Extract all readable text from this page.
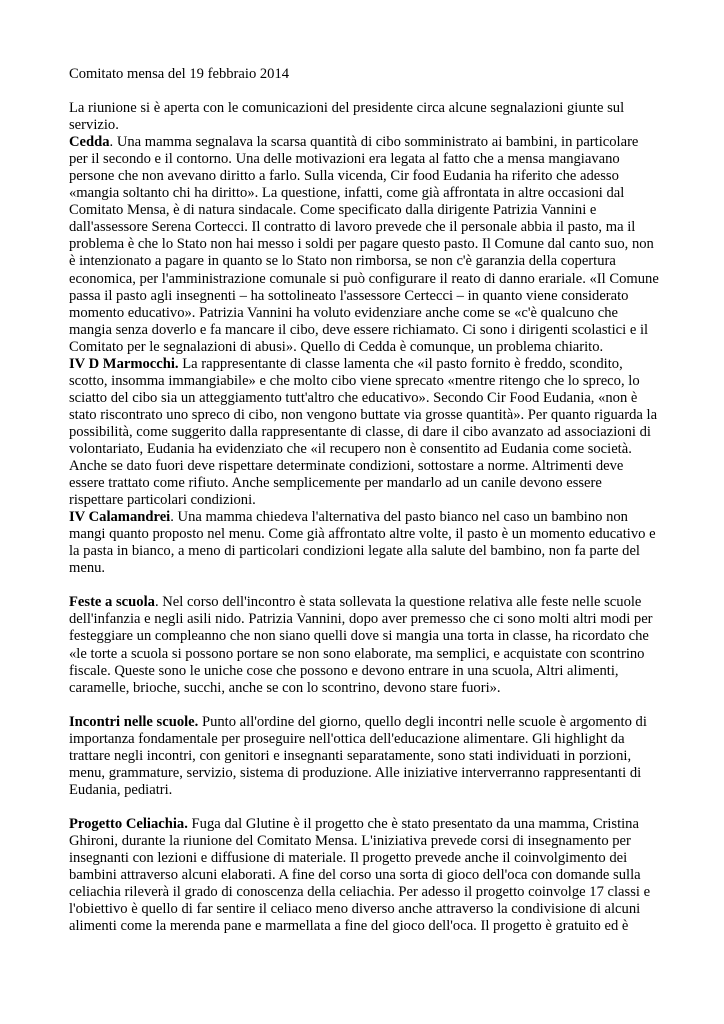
Comitato mensa del 19 febbraio 2014

La riunione si è aperta con le comunicazioni del presidente circa alcune segnalazioni giunte sul servizio.

Cedda. Una mamma segnalava la scarsa quantità di cibo somministrato ai bambini, in particolare per il secondo e il contorno. Una delle motivazioni era legata al fatto che a mensa mangiavano persone che non avevano diritto a farlo. Sulla vicenda, Cir food Eudania ha riferito che adesso «mangia soltanto chi ha diritto». La questione, infatti, come già affrontata in altre occasioni dal Comitato Mensa, è di natura sindacale. Come specificato dalla dirigente Patrizia Vannini e dall'assessore Serena Cortecci. Il contratto di lavoro prevede che il personale abbia il pasto, ma il problema è che lo Stato non hai messo i soldi per pagare questo pasto. Il Comune dal canto suo, non è intenzionato a pagare in quanto se lo Stato non rimborsa, se non c'è garanzia della copertura economica, per l'amministrazione comunale si può configurare il reato di danno erariale. «Il Comune passa il pasto agli insegnenti – ha sottolineato l'assessore Certecci – in quanto viene considerato momento educativo». Patrizia Vannini ha voluto evidenziare anche come se «c'è qualcuno che mangia senza doverlo e fa mancare il cibo, deve essere richiamato. Ci sono i dirigenti scolastici e il Comitato per le segnalazioni di abusi». Quello di Cedda è comunque, un problema chiarito.

IV D Marmocchi. La rappresentante di classe lamenta che «il pasto fornito è freddo, scondito, scotto, insomma immangiabile» e che molto cibo viene sprecato «mentre ritengo che lo spreco, lo sciatto del cibo sia un atteggiamento tutt'altro che educativo». Secondo Cir Food Eudania, «non è stato riscontrato uno spreco di cibo, non vengono buttate via grosse quantità». Per quanto riguarda la possibilità, come suggerito dalla rappresentante di classe, di dare il cibo avanzato ad associazioni di volontariato, Eudania ha evidenziato che «il recupero non è consentito ad Eudania come società. Anche se dato fuori deve rispettare determinate condizioni, sottostare a norme. Altrimenti deve essere trattato come rifiuto. Anche semplicemente per mandarlo ad un canile devono essere rispettare particolari condizioni.

IV Calamandrei. Una mamma chiedeva l'alternativa del pasto bianco nel caso un bambino non mangi quanto proposto nel menu. Come già affrontato altre volte, il pasto è un momento educativo e la pasta in bianco, a meno di particolari condizioni legate alla salute del bambino, non fa parte del menu.

Feste a scuola. Nel corso dell'incontro è stata sollevata la questione relativa alle feste nelle scuole dell'infanzia e negli asili nido. Patrizia Vannini, dopo aver premesso che ci sono molti altri modi per festeggiare un compleanno che non siano quelli dove si mangia una torta in classe, ha ricordato che «le torte a scuola si possono portare se non sono elaborate, ma semplici, e acquistate con scontrino fiscale. Queste sono le uniche cose che possono e devono entrare in una scuola, Altri alimenti, caramelle, brioche, succhi, anche se con lo scontrino, devono stare fuori».

Incontri nelle scuole. Punto all'ordine del giorno, quello degli incontri nelle scuole è argomento di importanza fondamentale per proseguire nell'ottica dell'educazione alimentare. Gli highlight da trattare negli incontri, con genitori e insegnanti separatamente, sono stati individuati in porzioni, menu, grammature, servizio, sistema di produzione. Alle iniziative interverranno rappresentanti di Eudania, pediatri.

Progetto Celiachia. Fuga dal Glutine è il progetto che è stato presentato da una mamma, Cristina Ghironi, durante la riunione del Comitato Mensa. L'iniziativa prevede corsi di insegnamento per insegnanti con lezioni e diffusione di materiale. Il progetto prevede anche il coinvolgimento dei bambini attraverso alcuni elaborati. A fine del corso una sorta di gioco dell'oca con domande sulla celiachia rileverà il grado di conoscenza della celiachia. Per adesso il progetto coinvolge 17 classi e l'obiettivo è quello di far sentire il celiaco meno diverso anche attraverso la condivisione di alcuni alimenti come la merenda pane e marmellata a fine del gioco dell'oca. Il progetto è gratuito ed è
